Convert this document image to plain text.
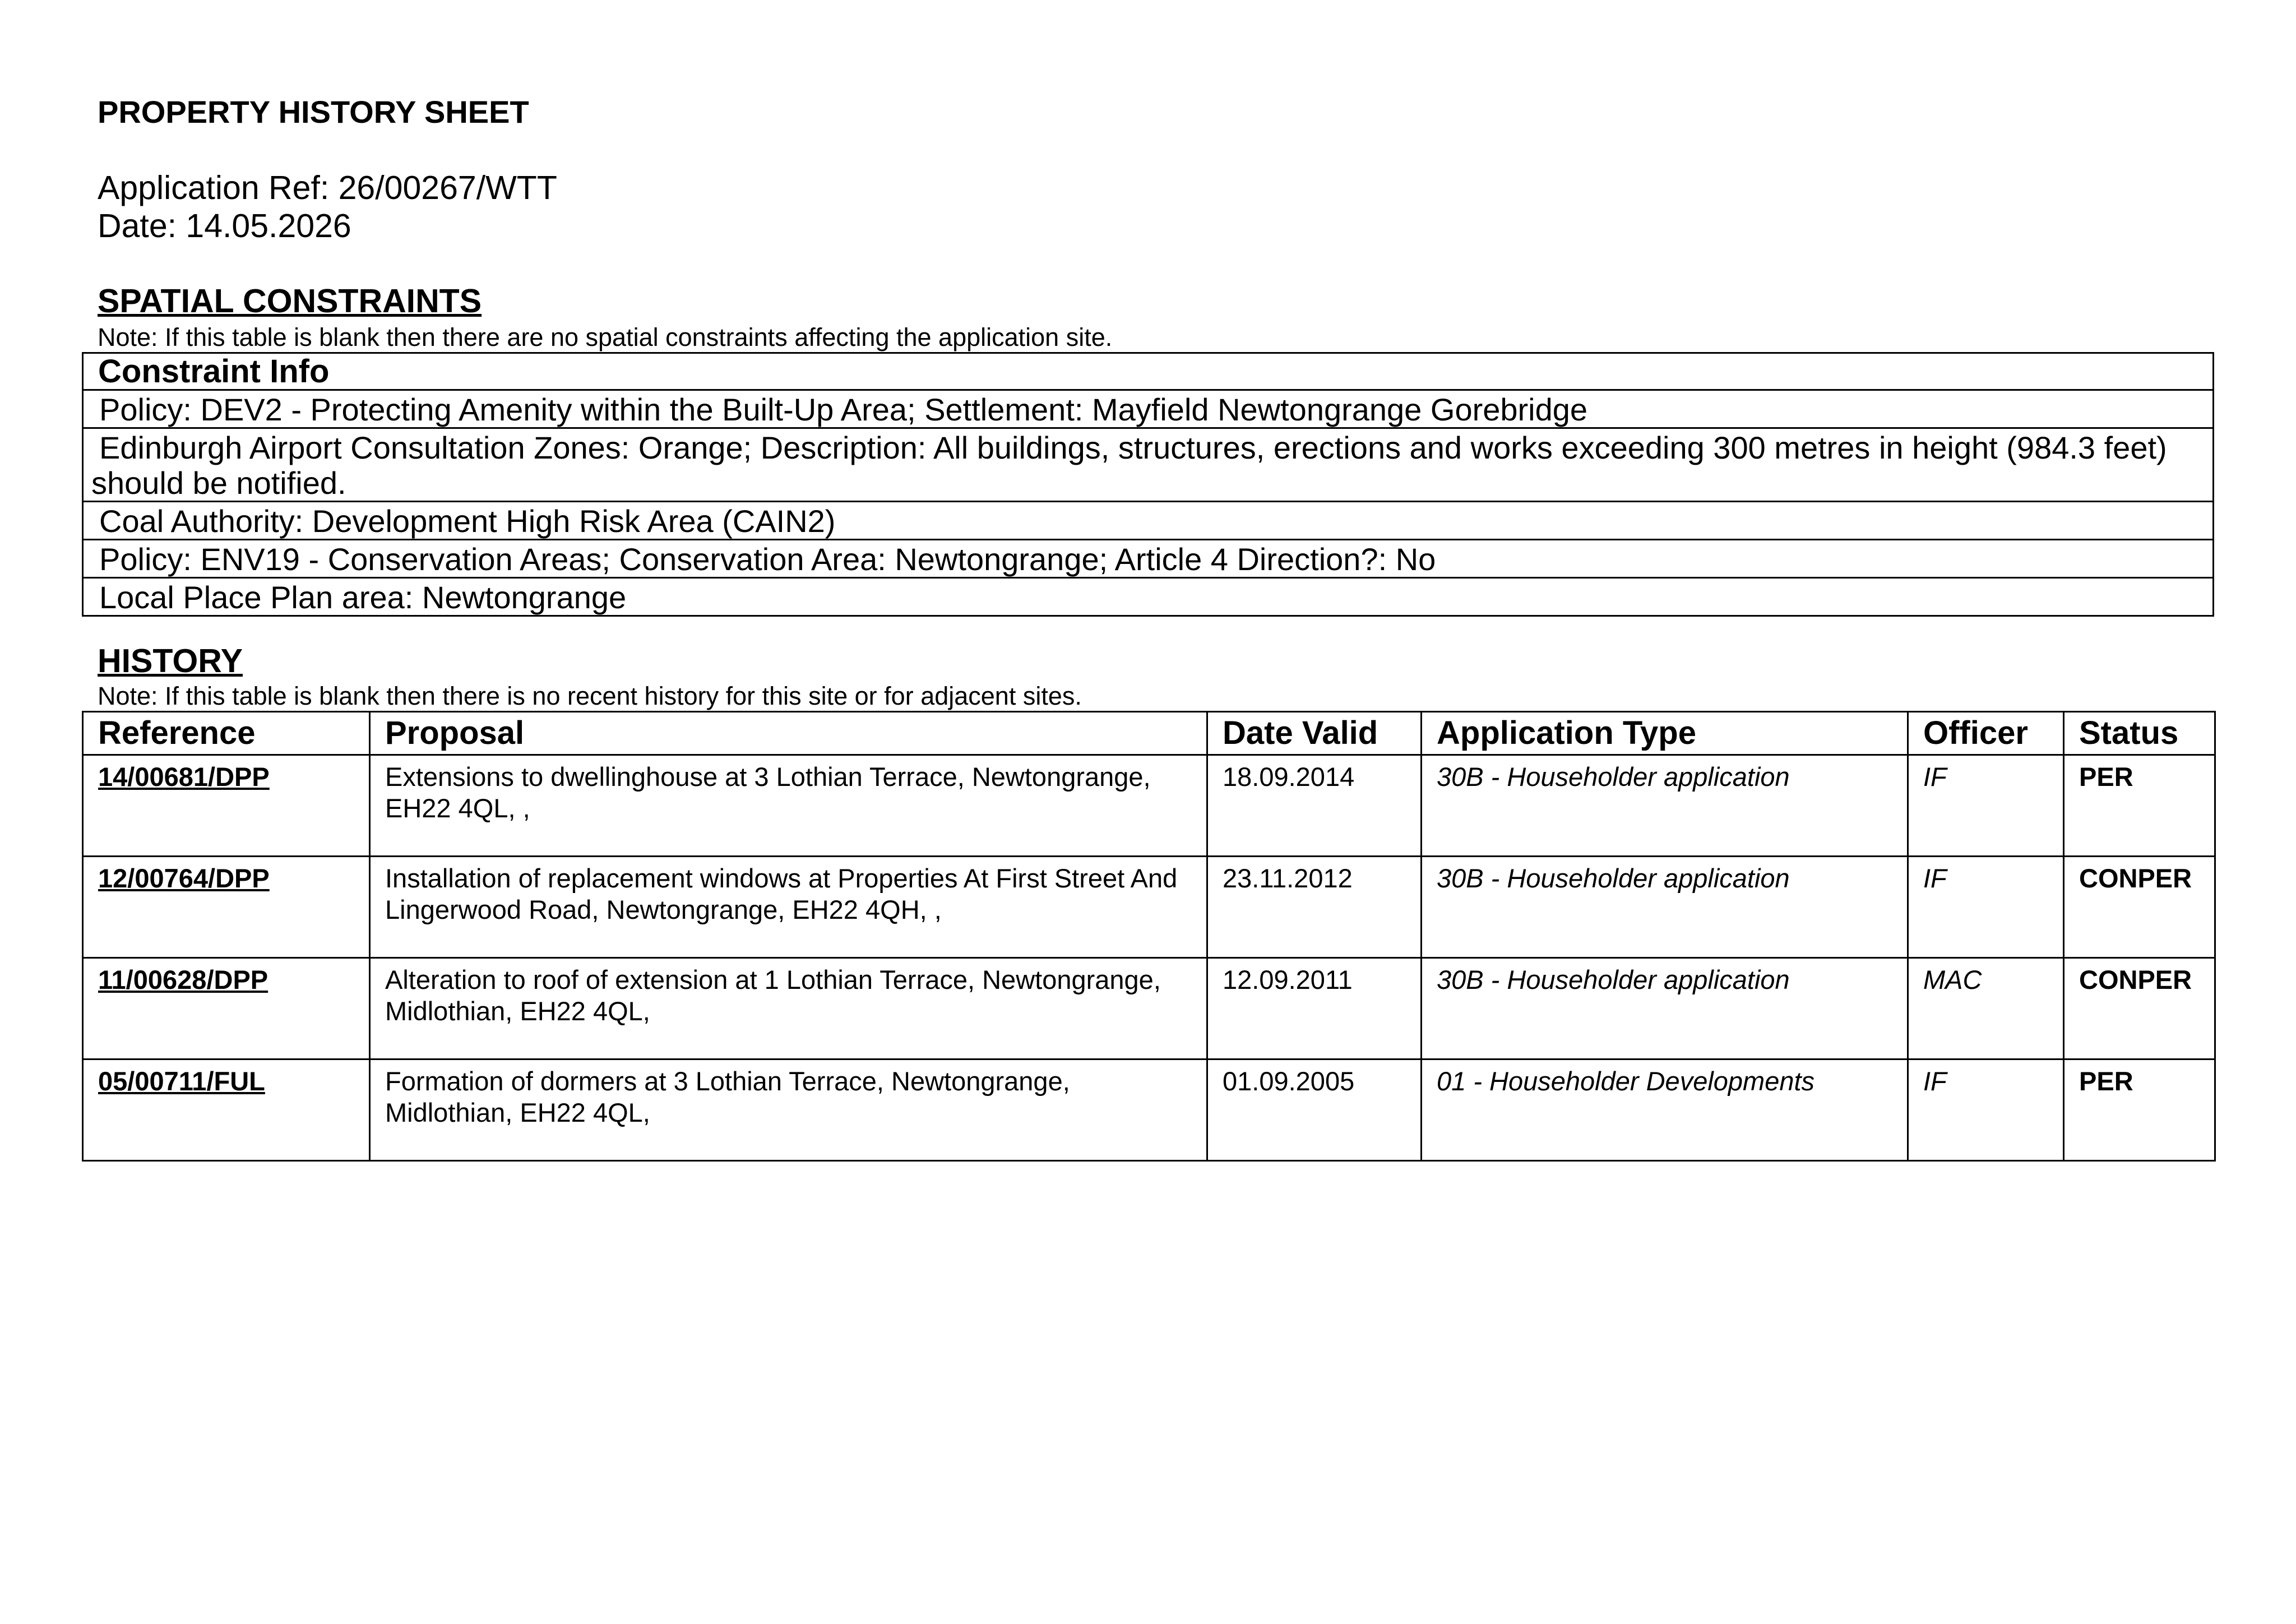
PROPERTY HISTORY SHEET
Application Ref: 26/00267/WTT
Date: 14.05.2026
SPATIAL CONSTRAINTS
Note: If this table is blank then there are no spatial constraints affecting the application site.
Constraint Info
Policy: DEV2 - Protecting Amenity within the Built-Up Area; Settlement: Mayfield Newtongrange Gorebridge
Edinburgh Airport Consultation Zones: Orange; Description: All buildings, structures, erections and works exceeding 300 metres in height (984.3 feet) should be notified.
Coal Authority: Development High Risk Area (CAIN2)
Policy: ENV19 - Conservation Areas; Conservation Area: Newtongrange; Article 4 Direction?: No
Local Place Plan area: Newtongrange
HISTORY
Note: If this table is blank then there is no recent history for this site or for adjacent sites.
Reference	Proposal	Date Valid	Application Type	Officer	Status
14/00681/DPP	Extensions to dwellinghouse at 3 Lothian Terrace, Newtongrange, EH22 4QL, ,	18.09.2014	30B - Householder application	IF	PER
12/00764/DPP	Installation of replacement windows at Properties At First Street And Lingerwood Road, Newtongrange, EH22 4QH, ,	23.11.2012	30B - Householder application	IF	CONPER
11/00628/DPP	Alteration to roof of extension at 1 Lothian Terrace, Newtongrange, Midlothian, EH22 4QL,	12.09.2011	30B - Householder application	MAC	CONPER
05/00711/FUL	Formation of dormers at 3 Lothian Terrace, Newtongrange, Midlothian, EH22 4QL,	01.09.2005	01 - Householder Developments	IF	PER
